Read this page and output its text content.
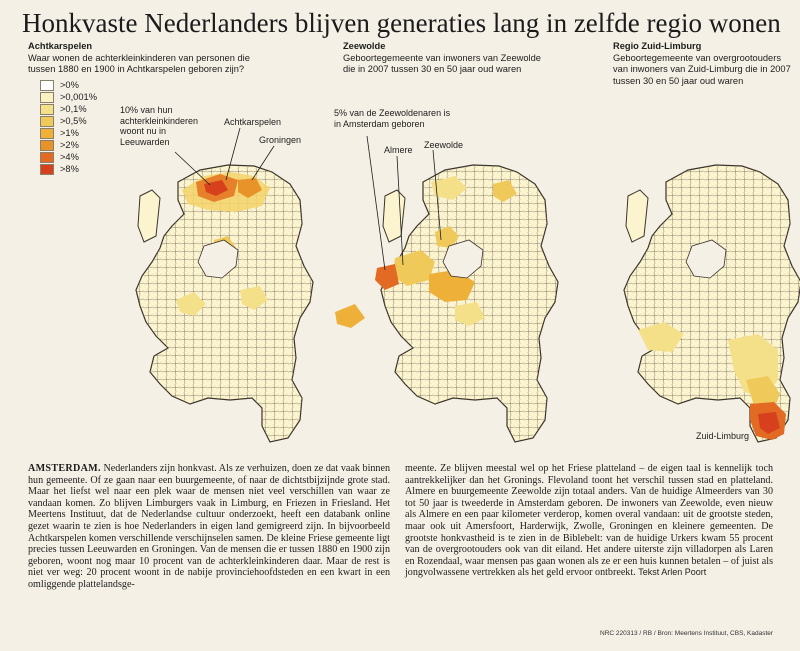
Honkvaste Nederlanders blijven generaties lang in zelfde regio wonen
Achtkarspelen
Waar wonen de achterkleinkinderen van personen die tussen 1880 en 1900 in Achtkarspelen geboren zijn?
Zeewolde
Geboortegemeente van inwoners van Zeewolde die in 2007 tussen 30 en 50 jaar oud waren
Regio Zuid-Limburg
Geboortegemeente van overgrootouders van inwoners van Zuid-Limburg die in 2007 tussen 30 en 50 jaar oud waren
>0%
>0,001%
>0,1%
>0,5%
>1%
>2%
>4%
>8%
10% van hun achterkleinkinderen woont nu in Leeuwarden
Achtkarspelen
Groningen
5% van de Zeewoldenaren is in Amsterdam geboren
Almere Zeewolde
Zuid-Limburg

AMSTERDAM. Nederlanders zijn honkvast. Als ze verhuizen, doen ze dat vaak binnen hun gemeente. Of ze gaan naar een buurgemeente, of naar de dichtstbijzijnde grote stad. Maar het liefst wel naar een plek waar de mensen niet veel verschillen van waar ze vandaan komen. Zo blijven Limburgers vaak in Limburg, en Friezen in Friesland. Het Meertens Instituut, dat de Nederlandse cultuur onderzoekt, heeft een databank online gezet waarin te zien is hoe Nederlanders in eigen land gemigreerd zijn. In bijvoorbeeld Achtkarspelen komen verschillende verschijnselen samen. De kleine Friese gemeente ligt precies tussen Leeuwarden en Groningen. Van de mensen die er tussen 1880 en 1900 zijn geboren, woont nog maar 10 procent van de achterkleinkinderen daar. Maar de rest is niet ver weg: 20 procent woont in de nabije provinciehoofdsteden en een kwart in een omliggende plattelandsge-

meente. Ze blijven meestal wel op het Friese platteland – de eigen taal is kennelijk toch aantrekkelijker dan het Gronings. Flevoland toont het verschil tussen stad en platteland. Almere en buurgemeente Zeewolde zijn totaal anders. Van de huidige Almeerders van 30 tot 50 jaar is tweederde in Amsterdam geboren. De inwoners van Zeewolde, even nieuw als Almere en een paar kilometer verderop, komen overal vandaan: uit de grootste steden, maar ook uit Amersfoort, Harderwijk, Zwolle, Groningen en kleinere gemeenten. De grootste honkvastheid is te zien in de Biblebelt: van de huidige Urkers kwam 55 procent van de overgrootouders ook van dit eiland. Het andere uiterste zijn villadorpen als Laren en Rozendaal, waar mensen pas gaan wonen als ze er een huis kunnen betalen – of juist als jongvolwassene vertrekken als het geld ervoor ontbreekt. Tekst Arlen Poort

NRC 220313 / RB / Bron: Meertens Instituut, CBS, Kadaster
